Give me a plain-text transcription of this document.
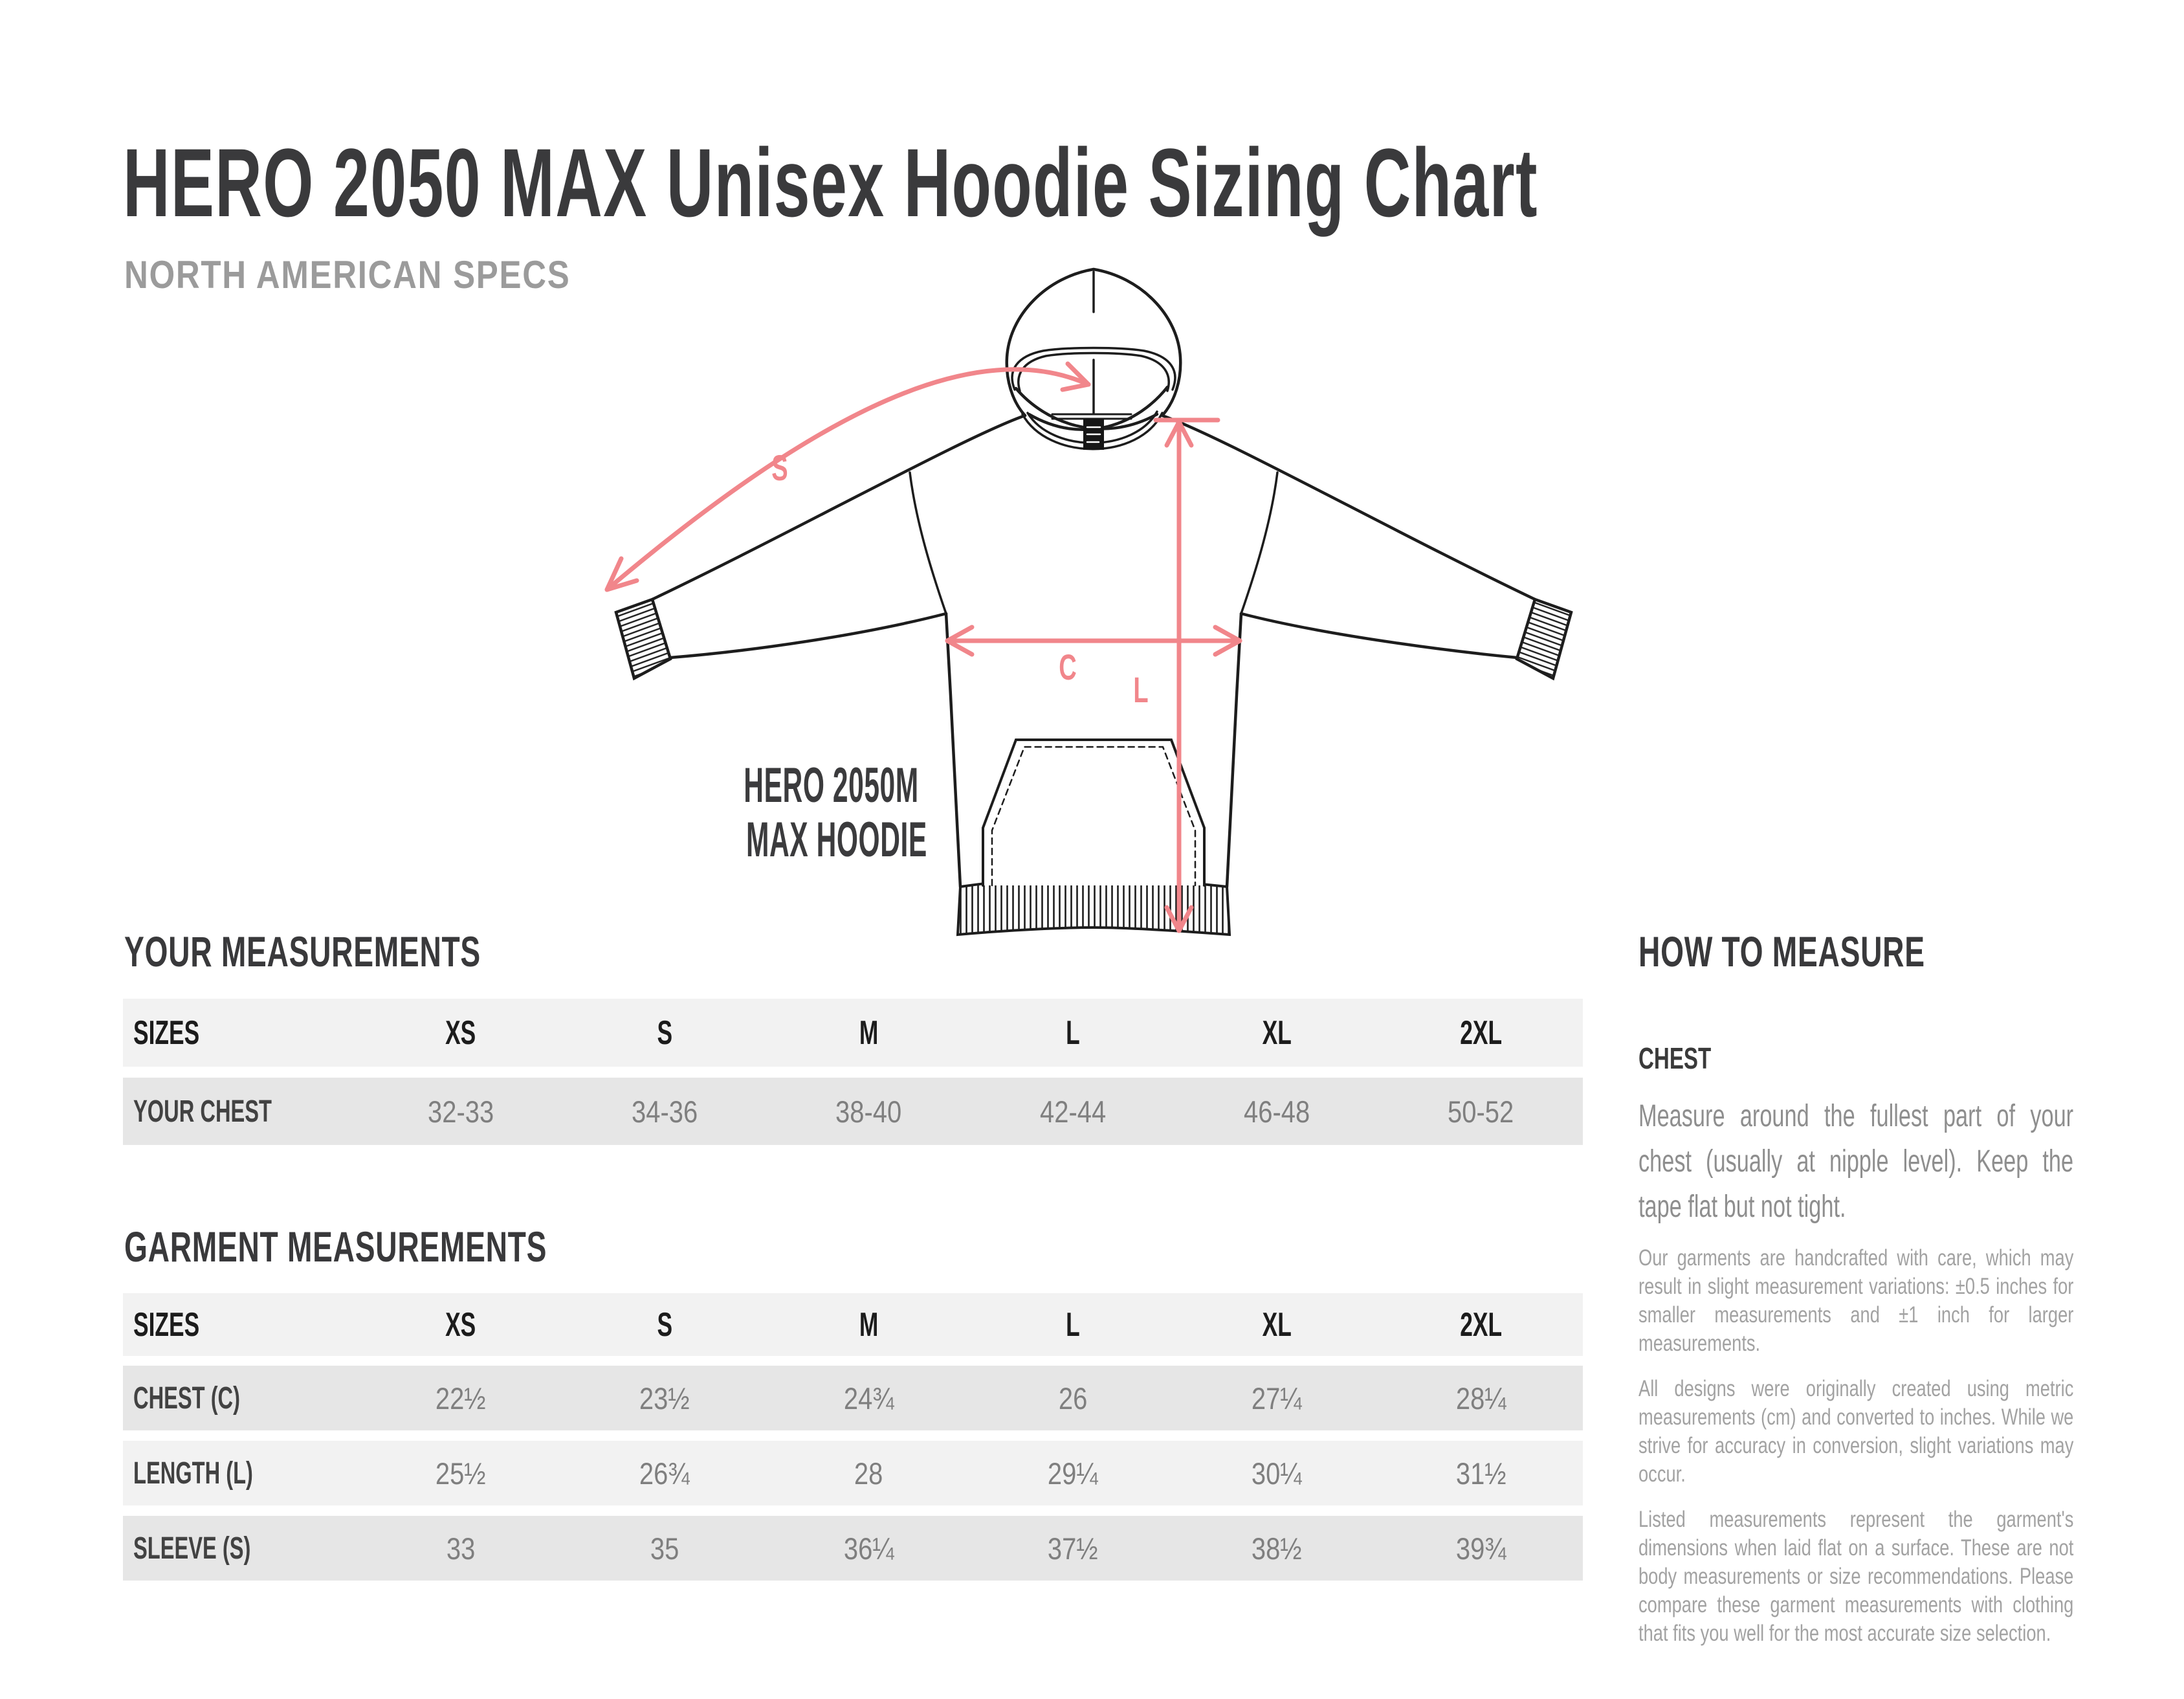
HERO 2050 MAX Unisex Hoodie Sizing Chart
NORTH AMERICAN SPECS
S
C
L
HERO 2050M
MAX HOODIE
YOUR MEASUREMENTS
SIZES	XS	S	M	L	XL	2XL
YOUR CHEST	32-33	34-36	38-40	42-44	46-48	50-52
GARMENT MEASUREMENTS
SIZES	XS	S	M	L	XL	2XL
CHEST (C)	22½	23½	24¾	26	27¼	28¼
LENGTH (L)	25½	26¾	28	29¼	30¼	31½
SLEEVE (S)	33	35	36¼	37½	38½	39¾
HOW TO MEASURE
CHEST
Measure around the fullest part of your chest (usually at nipple level). Keep the tape flat but not tight.

Our garments are handcrafted with care, which may result in slight measurement variations: ±0.5 inches for smaller measurements and ±1 inch for larger measurements.

All designs were originally created using metric measurements (cm) and converted to inches. While we strive for accuracy in conversion, slight variations may occur.

Listed measurements represent the garment's dimensions when laid flat on a surface. These are not body measurements or size recommendations. Please compare these garment measurements with clothing that fits you well for the most accurate size selection.
